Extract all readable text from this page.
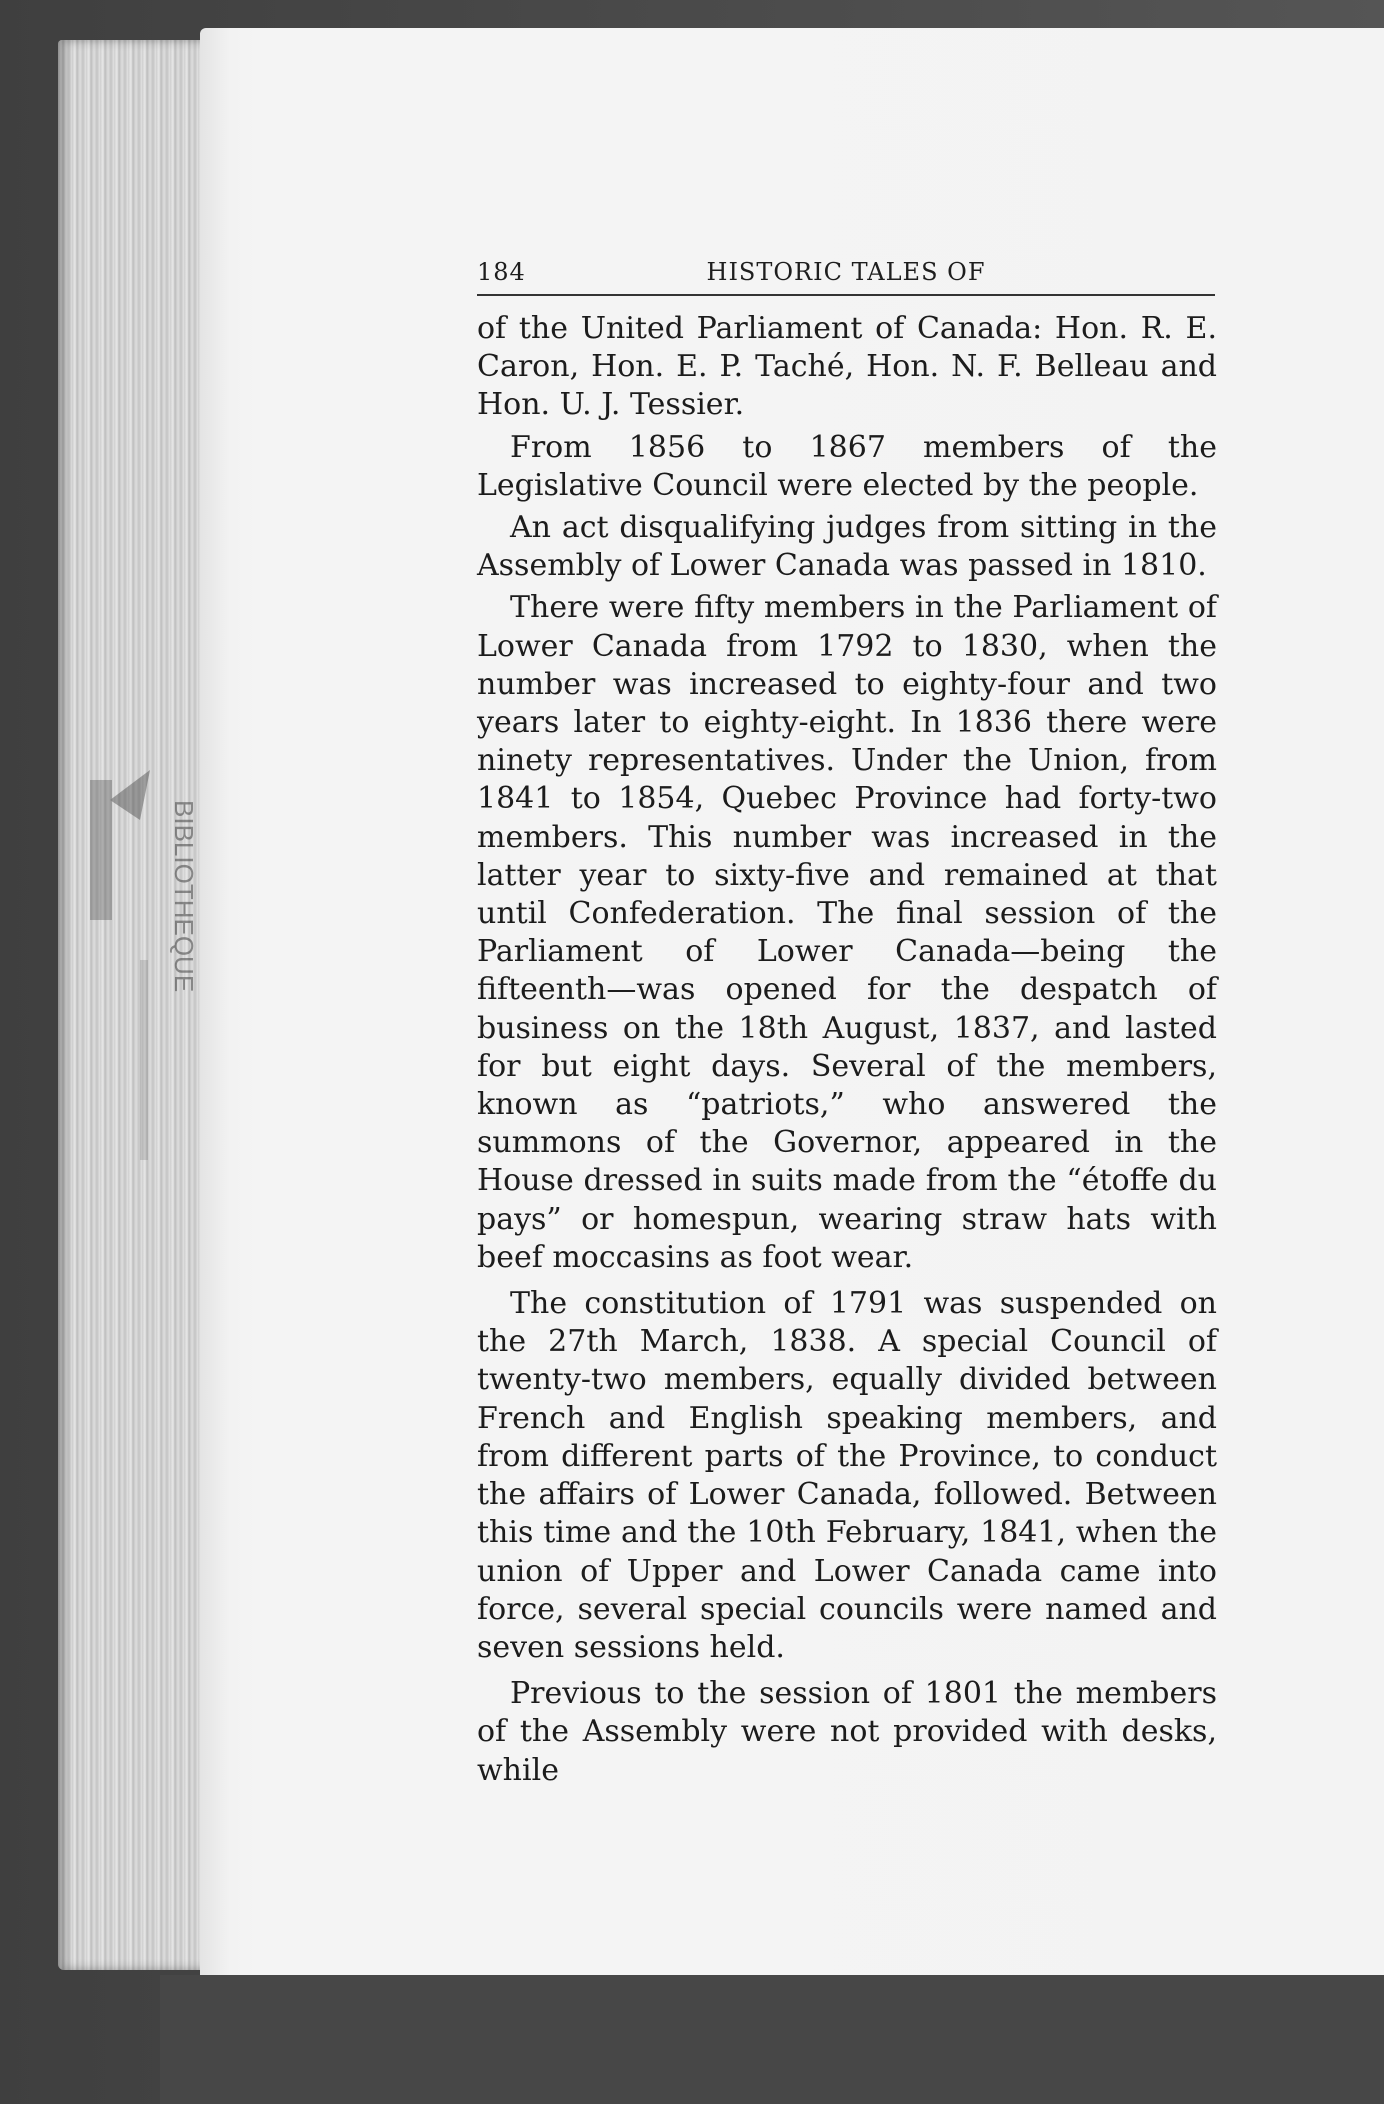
BIBLIOTHEQUE
184	HISTORIC TALES OF

of the United Parliament of Canada: Hon. R. E. Caron, Hon. E. P. Taché, Hon. N. F. Belleau and Hon. U. J. Tessier.

From 1856 to 1867 members of the Legislative Council were elected by the people.

An act disqualifying judges from sitting in the Assembly of Lower Canada was passed in 1810.

There were fifty members in the Parliament of Lower Canada from 1792 to 1830, when the number was increased to eighty-four and two years later to eighty-eight. In 1836 there were ninety representatives. Under the Union, from 1841 to 1854, Quebec Province had forty-two members. This number was increased in the latter year to sixty-five and remained at that until Confederation. The final session of the Parliament of Lower Canada—being the fifteenth—was opened for the despatch of business on the 18th August, 1837, and lasted for but eight days. Several of the members, known as “patriots,” who answered the summons of the Governor, appeared in the House dressed in suits made from the “étoffe du pays” or homespun, wearing straw hats with beef moccasins as foot wear.

The constitution of 1791 was suspended on the 27th March, 1838. A special Council of twenty-two members, equally divided between French and English speaking members, and from different parts of the Province, to conduct the affairs of Lower Canada, followed. Between this time and the 10th February, 1841, when the union of Upper and Lower Canada came into force, several special councils were named and seven sessions held.

Previous to the session of 1801 the members of the Assembly were not provided with desks, while
